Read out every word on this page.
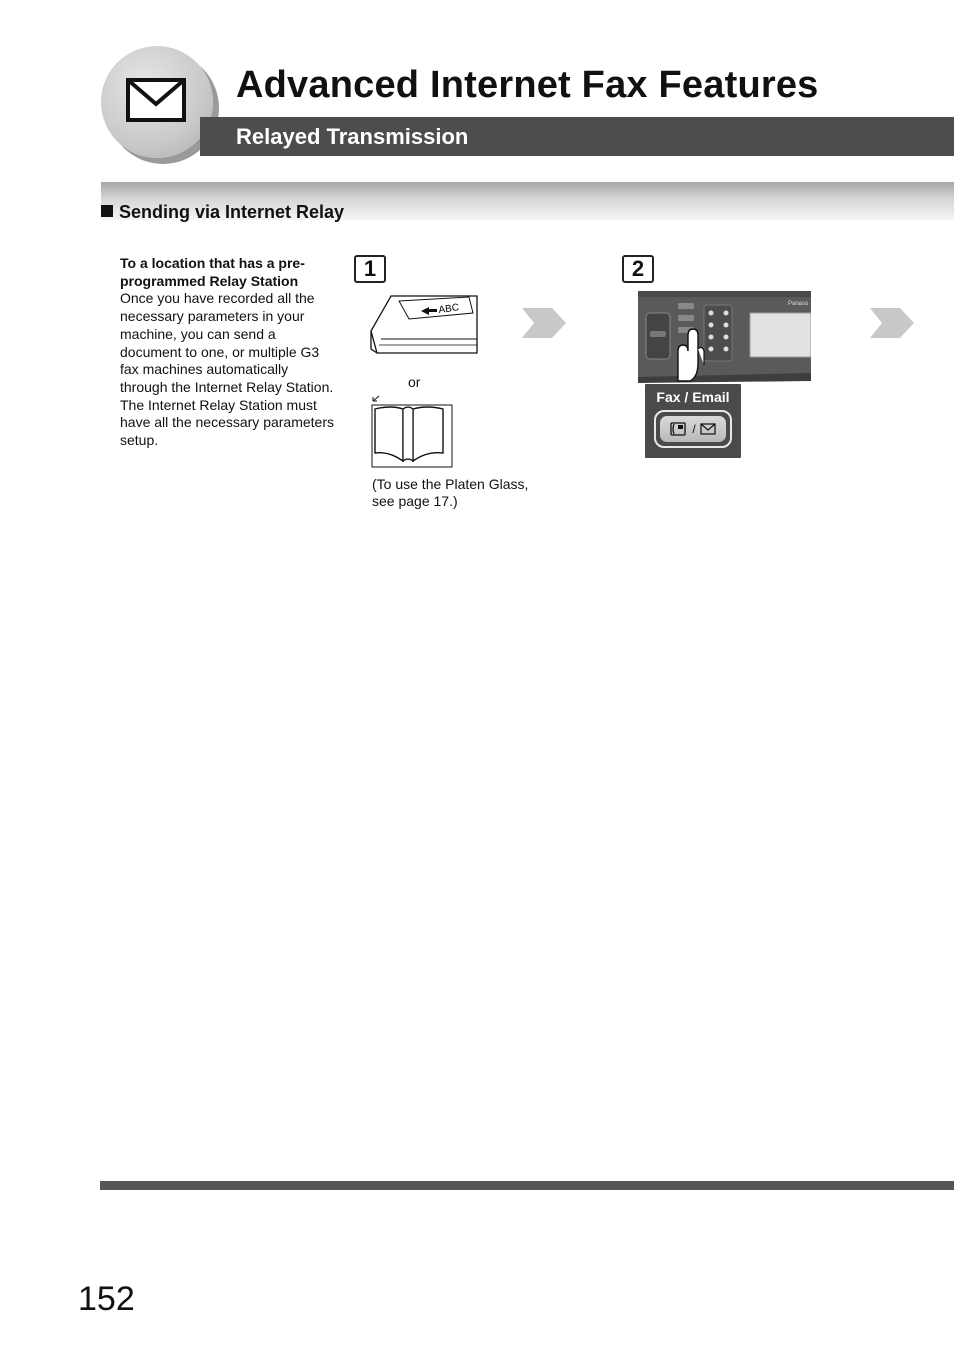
Advanced Internet Fax Features
Relayed Transmission
Sending via Internet Relay
To a location that has a pre-programmed Relay Station
Once you have recorded all the necessary parameters in your machine, you can send a document to one, or multiple G3 fax machines automatically through the Internet Relay Station. The Internet Relay Station must have all the necessary parameters setup.
1
ABC
or
(To use the Platen Glass, see page 17.)
2
Panaso
Fax / Email
/
152
